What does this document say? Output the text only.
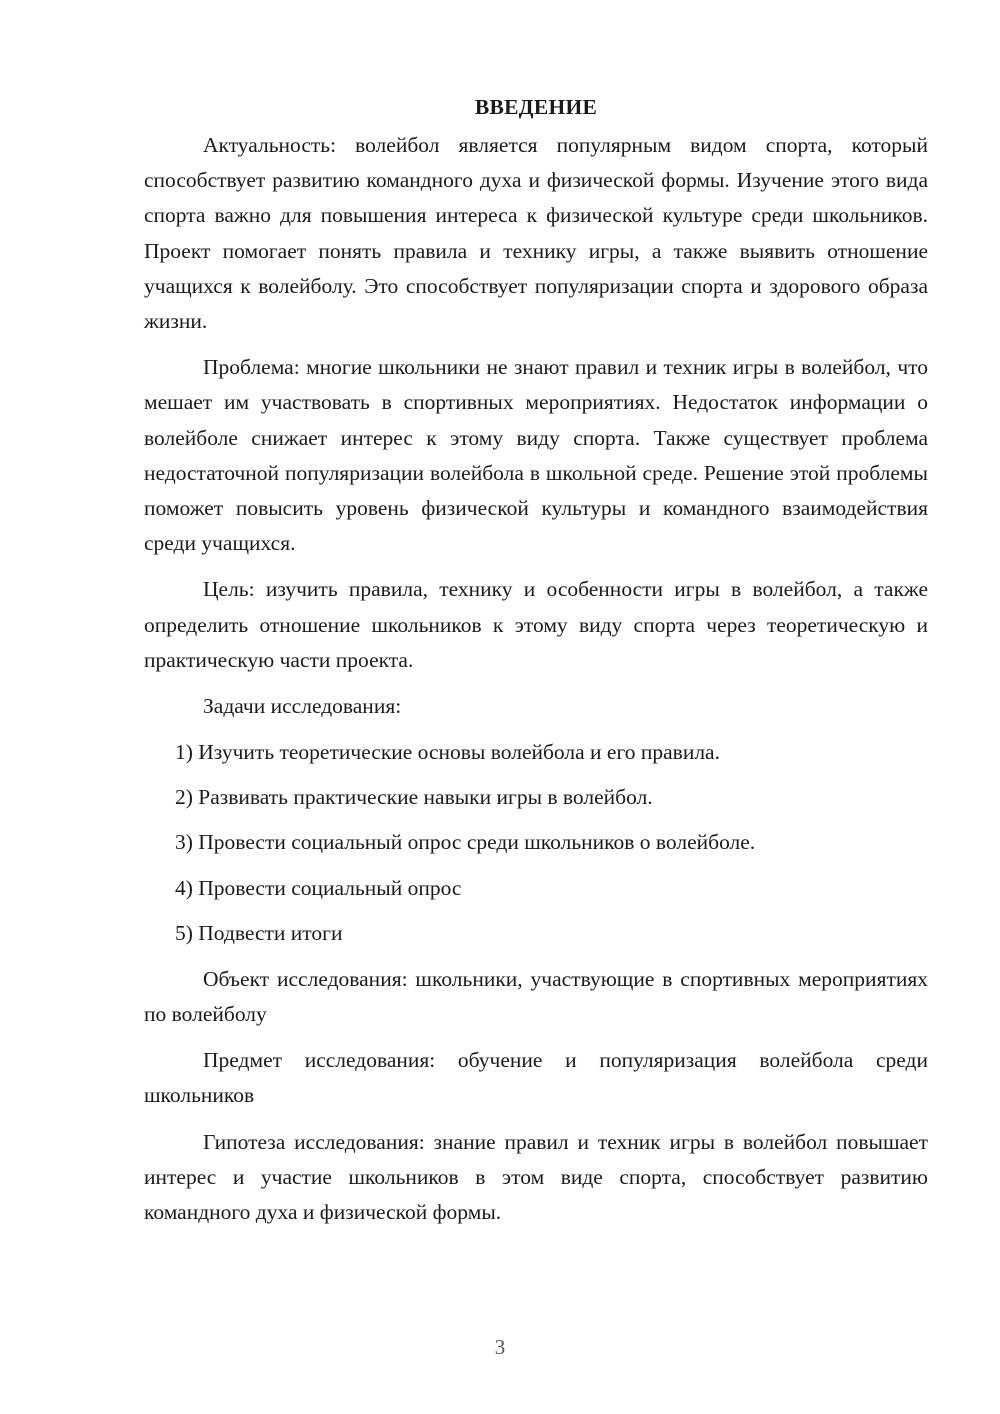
ВВЕДЕНИЕ

Актуальность: волейбол является популярным видом спорта, который способствует развитию командного духа и физической формы. Изучение этого вида спорта важно для повышения интереса к физической культуре среди школьников. Проект помогает понять правила и технику игры, а также выявить отношение учащихся к волейболу. Это способствует популяризации спорта и здорового образа жизни.

Проблема: многие школьники не знают правил и техник игры в волейбол, что мешает им участвовать в спортивных мероприятиях. Недостаток информации о волейболе снижает интерес к этому виду спорта. Также существует проблема недостаточной популяризации волейбола в школьной среде. Решение этой проблемы поможет повысить уровень физической культуры и командного взаимодействия среди учащихся.

Цель: изучить правила, технику и особенности игры в волейбол, а также определить отношение школьников к этому виду спорта через теоретическую и практическую части проекта.

Задачи исследования:

1) Изучить теоретические основы волейбола и его правила.
2) Развивать практические навыки игры в волейбол.
3) Провести социальный опрос среди школьников о волейболе.
4) Провести социальный опрос
5) Подвести итоги

Объект исследования: школьники, участвующие в спортивных мероприятиях по волейболу

Предмет исследования: обучение и популяризация волейбола среди школьников

Гипотеза исследования: знание правил и техник игры в волейбол повышает интерес и участие школьников в этом виде спорта, способствует развитию командного духа и физической формы.

3
